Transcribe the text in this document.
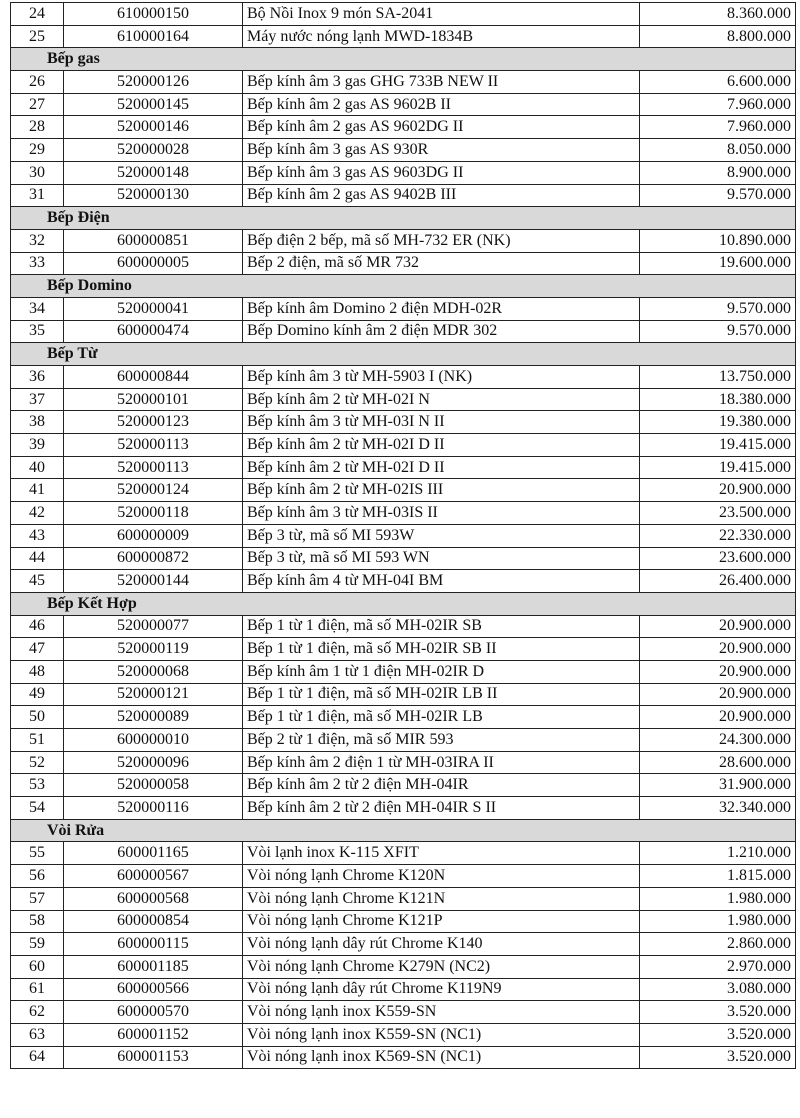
24	610000150	Bộ Nồi Inox 9 món SA-2041	8.360.000
25	610000164	Máy nước nóng lạnh MWD-1834B	8.800.000
Bếp gas			
26	520000126	Bếp kính âm 3 gas GHG 733B NEW II	6.600.000
27	520000145	Bếp kính âm 2 gas AS 9602B II	7.960.000
28	520000146	Bếp kính âm 2 gas AS 9602DG II	7.960.000
29	520000028	Bếp kính âm 3 gas AS 930R	8.050.000
30	520000148	Bếp kính âm 3 gas AS 9603DG II	8.900.000
31	520000130	Bếp kính âm 2 gas AS 9402B III	9.570.000
Bếp Điện			
32	600000851	Bếp điện 2 bếp, mã số MH-732 ER (NK)	10.890.000
33	600000005	Bếp 2 điện, mã số MR 732	19.600.000
Bếp Domino			
34	520000041	Bếp kính âm Domino 2 điện MDH-02R	9.570.000
35	600000474	Bếp Domino kính âm 2 điện MDR 302	9.570.000
Bếp Từ			
36	600000844	Bếp kính âm 3 từ MH-5903 I (NK)	13.750.000
37	520000101	Bếp kính âm 2 từ MH-02I N	18.380.000
38	520000123	Bếp kính âm 3 từ MH-03I N II	19.380.000
39	520000113	Bếp kính âm 2 từ MH-02I D II	19.415.000
40	520000113	Bếp kính âm 2 từ MH-02I D II	19.415.000
41	520000124	Bếp kính âm 2 từ MH-02IS III	20.900.000
42	520000118	Bếp kính âm 3 từ MH-03IS II	23.500.000
43	600000009	Bếp 3 từ, mã số MI 593W	22.330.000
44	600000872	Bếp 3 từ, mã số MI 593 WN	23.600.000
45	520000144	Bếp kính âm 4 từ MH-04I BM	26.400.000
Bếp Kết Hợp			
46	520000077	Bếp 1 từ 1 điện, mã số MH-02IR SB	20.900.000
47	520000119	Bếp 1 từ 1 điện, mã số MH-02IR SB II	20.900.000
48	520000068	Bếp kính âm 1 từ 1 điện MH-02IR D	20.900.000
49	520000121	Bếp 1 từ 1 điện, mã số MH-02IR LB II	20.900.000
50	520000089	Bếp 1 từ 1 điện, mã số MH-02IR LB	20.900.000
51	600000010	Bếp 2 từ 1 điện, mã số MIR 593	24.300.000
52	520000096	Bếp kính âm 2 điện 1 từ MH-03IRA II	28.600.000
53	520000058	Bếp kính âm 2 từ 2 điện MH-04IR	31.900.000
54	520000116	Bếp kính âm 2 từ 2 điện MH-04IR S II	32.340.000
Vòi Rửa			
55	600001165	Vòi lạnh inox K-115 XFIT	1.210.000
56	600000567	Vòi nóng lạnh Chrome K120N	1.815.000
57	600000568	Vòi nóng lạnh Chrome K121N	1.980.000
58	600000854	Vòi nóng lạnh Chrome K121P	1.980.000
59	600000115	Vòi nóng lạnh dây rút Chrome K140	2.860.000
60	600001185	Vòi nóng lạnh Chrome K279N (NC2)	2.970.000
61	600000566	Vòi nóng lạnh dây rút Chrome K119N9	3.080.000
62	600000570	Vòi nóng lạnh inox K559-SN	3.520.000
63	600001152	Vòi nóng lạnh inox K559-SN (NC1)	3.520.000
64	600001153	Vòi nóng lạnh inox K569-SN (NC1)	3.520.000
